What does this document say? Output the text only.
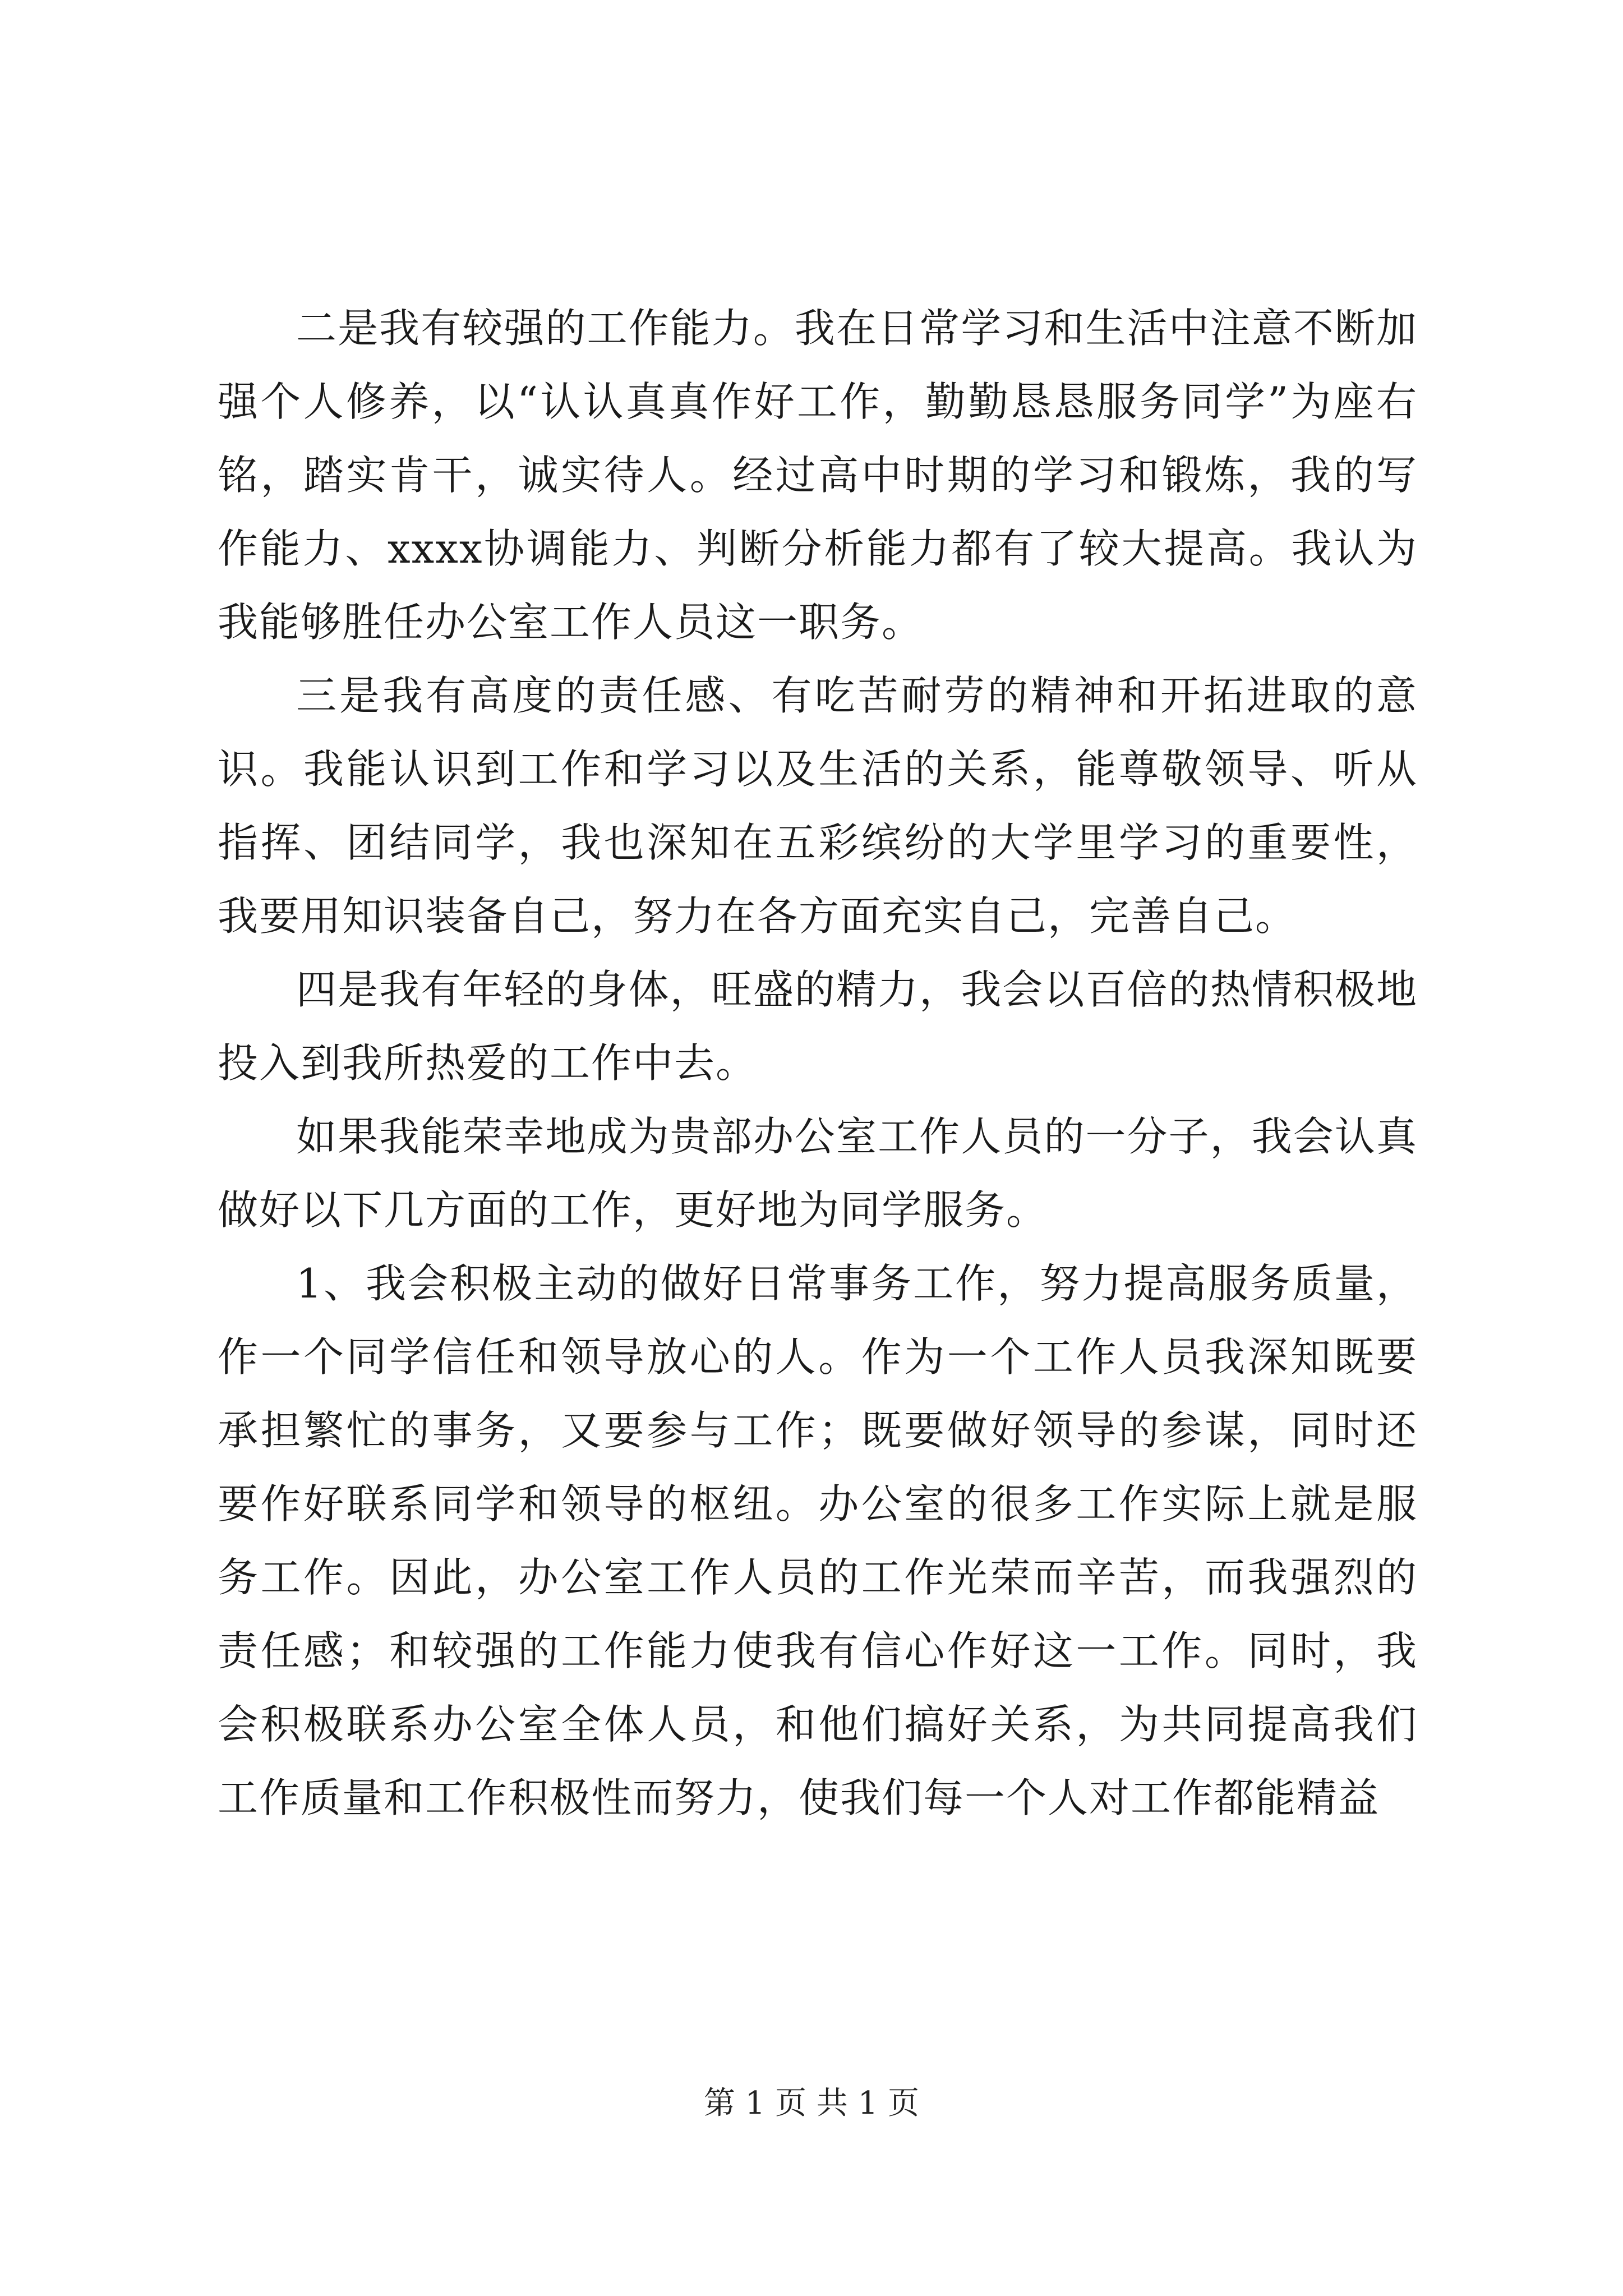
二是我有较强的工作能力。我在日常学习和生活中注意不断加强个人修养，以“认认真真作好工作，勤勤恳恳服务同学”为座右铭，踏实肯干，诚实待人。经过高中时期的学习和锻炼，我的写作能力、xxxx协调能力、判断分析能力都有了较大提高。我认为我能够胜任办公室工作人员这一职务。

三是我有高度的责任感、有吃苦耐劳的精神和开拓进取的意识。我能认识到工作和学习以及生活的关系，能尊敬领导、听从指挥、团结同学，我也深知在五彩缤纷的大学里学习的重要性，我要用知识装备自己，努力在各方面充实自己，完善自己。

四是我有年轻的身体，旺盛的精力，我会以百倍的热情积极地投入到我所热爱的工作中去。

如果我能荣幸地成为贵部办公室工作人员的一分子，我会认真做好以下几方面的工作，更好地为同学服务。

1、我会积极主动的做好日常事务工作，努力提高服务质量，作一个同学信任和领导放心的人。作为一个工作人员我深知既要承担繁忙的事务，又要参与工作；既要做好领导的参谋，同时还要作好联系同学和领导的枢纽。办公室的很多工作实际上就是服务工作。因此，办公室工作人员的工作光荣而辛苦，而我强烈的责任感；和较强的工作能力使我有信心作好这一工作。同时，我会积极联系办公室全体人员，和他们搞好关系，为共同提高我们工作质量和工作积极性而努力，使我们每一个人对工作都能精益

第 1 页 共 1 页
